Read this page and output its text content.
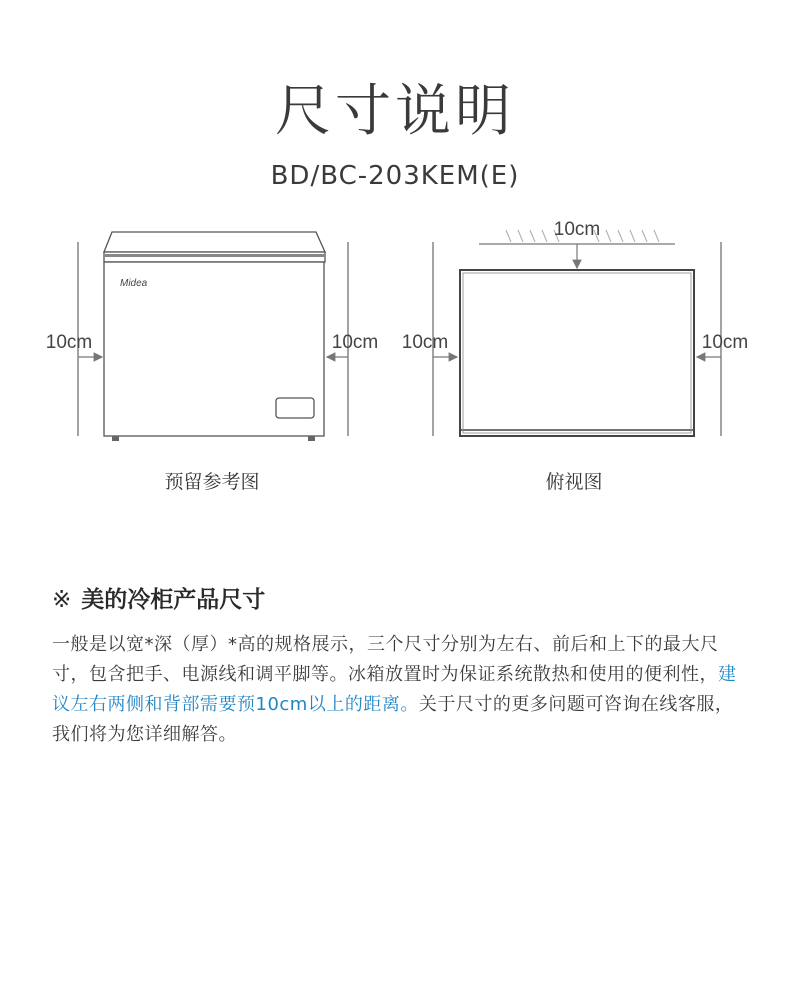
尺寸说明
BD/BC-203KEM(E)
Midea
10cm	10cm
10cm
10cm	10cm
预留参考图	俯视图
※ 美的冷柜产品尺寸
一般是以宽*深（厚）*高的规格展示，三个尺寸分别为左右、前后和上下的最大尺寸，包含把手、电源线和调平脚等。冰箱放置时为保证系统散热和使用的便利性，建议左右两侧和背部需要预10cm以上的距离。关于尺寸的更多问题可咨询在线客服，我们将为您详细解答。
